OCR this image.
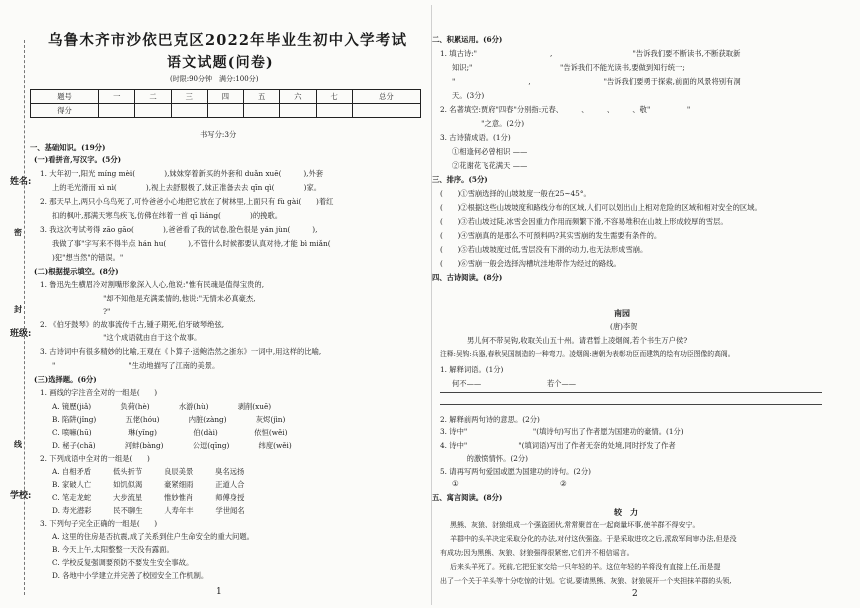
姓名:
密
封
班级:
线
学校:
乌鲁木齐市沙依巴克区2022年毕业生初中入学考试
语文试题(问卷)
(时限:90分钟　满分:100分)
题号	一	二	三	四	五	六	七	总分
得分								
书写分:3分
一、基础知识。(19分)
(一)看拼音,写汉字。(5分)
1. 大年初一,阳光 míng mèi(　　　　),妹妹穿着新买的外套和 duǎn xuē(　　　),外套
上的毛光滑而 xì nì(　　　　),视上去舒服极了,妹正准备去去 qīn qì(　　　　)家。
2. 那天早上,两只小乌鸟死了,可怜爸爸小心地把它放在了树林里,上面只有 fù gài(　　)着红
扣的枫叶,那满天寒鸟疾飞,仿佛在纬着一首 qī liáng(　　　　)的挽歌。
3. 我这次考试考得 zāo gāo(　　　　),爸爸看了我的试卷,脸色很是 yán jùn(　　　),
我做了事"字写来不得半点 hán hu(　　　),不管什么时候都要认真对待,才能 bì miǎn(　　　
)犯"想当然"的错误。"
(二)根据提示填空。(8分)
1. 鲁迅先生横眉冷对割嘴形象深入人心,他说:"惟有民魂是值得宝贵的,
　　　　　　　"却不知他是充满柔情的,他说:"无情未必真豪杰,
　　　　　　　?"
2. 《伯牙鼓琴》的故事流传千古,锺子期死,伯牙破琴绝弦,
　　　　　　　"这个成语就由自于这个故事。
3. 古诗词中有很多精妙的比喻,王观在《卜算子·送鲍浩然之浙东》一词中,用这样的比喻,
"　　　　　　　　　　"生动地描写了江南的美景。
(三)选择题。(6分)
1. 画线的字注音全对的一组是(　　)
A. 镜歷(jiǎ)　　　　负荷(hè)　　　　水游(hù)　　　　剥削(xuē)
B. 陷阱(jǐng)　　　　五佬(hóu)　　　　内脏(zàng)　　　　灰烬(jìn)
C. 喷嘛(hū)　　　　　琳(yǐng)　　　　　伯(dài)　　　　　依恒(wěi)
D. 秘子(chā)　　　　河蚌(bàng)　　　　公逗(qīng)　　　　纬度(wěi)
2. 下列成语中全对的一组是(　　)
A. 自相矛盾　　　低头折节　　　良辰美景　　　臭名远扬
B. 家破人亡　　　如饥似渴　　　豪紧细雨　　　正道人合
C. 笔走龙蛇　　　大步流星　　　惟妙惟肖　　　师傅身授
D. 寿光潜彩　　　民不聊生　　　人寿年丰　　　学世闻名
3. 下列句子完全正确的一组是(　　)
A. 这里的住房是否抗震,成了关系到住户生命安全的重大问题。
B. 今天上午,太阳整整一天没有露面。
C. 学校反复强调要预防不要发生安全事故。
D. 各地中小学建立并完善了校园安全工作机制。
1
二、积累运用。(6分)
1. 填古诗:"　　　　　　　　　　,　　　　　　　　　　　"告诉我们要不断读书,不断获取新
知识;"　　　　　　　　　　　　"告诉我们不能光读书,要做到知行统一;
"　　　　　　　　　　,　　　　　　　　　　"告诉我们要勇于探索,前面的风景将别有洞
天。(3分)
2. 名著填空:贾府"四春"分别指:元春、　　　、　　　、　　　、敬"　　　　　"
　　　　"之意。(2分)
3. 古诗猜成语。(1分)
①相逢何必曾相识 ——
②花谢花飞花满天 ——
三、排序。(5分)
(　　)①雪崩选择的山坡坡度一般在25~45°。
(　　)②根据这些山坡坡度和路线分布的区域,人们可以划出山上相对危险的区域和相对安全的区域。
(　　)③若山坡过陡,冰雪会因重力作用而频繁下滑,不容易堆积在山坡上形成较厚的雪层。
(　　)④雪崩真的是那么不可预料吗?其实雪崩的发生需要有条件的。
(　　)⑤若山坡坡度过低,雪层没有下滑的动力,也无法形成雪崩。
(　　)⑥雪崩一般会选择沟槽坑洼地带作为经过的路线。
四、古诗阅读。(8分)
南园
(唐)李贺
男儿何不带吴钩,收取关山五十州。请君暂上凌烟阁,若个书生万户侯?
注释:吴钩:兵器,春秋吴国制造的一种弯刀。凌烟阁:唐朝为表彰功臣而建筑的绘有功臣图像的高阁。
1. 解释词语。(1分)
何不——　　　　　　　　　若个——
2. 解释前两句诗的意思。(2分)
3. 诗中"　　　　　　　　　"(填诗句)写出了作者愿为国建功的豪情。(1分)
4. 诗中"　　　　　　　"(填词语)写出了作者无奈的处境,同时抒发了作者
　　的激愤情怀。(2分)
5. 请再写两句爱国或愿为国建功的诗句。(2分)
①	②
五、寓言阅读。(8分)
较　力
黑熊、灰狼、豺狼组成一个强盗团伙,常常聚首在一起商量坏事,使羊群不得安宁。
羊群中的头羊决定采取分化的办法,对付这伙强盗。于是采取进攻之后,派敌军间审办法,但是没
有成功;因为黑熊、灰狼、豺狼强得很紧密,它们并不相信谣言。
后来头羊死了。死前,它把狂家交给一只年轻的羊。这位年轻的羊将没有直接上任,而是提
出了一个关于羊头等十分吃惊的计划。它说,要请黑熊、灰狼、豺狼展开一个夹担抹羊群的头领,
2
